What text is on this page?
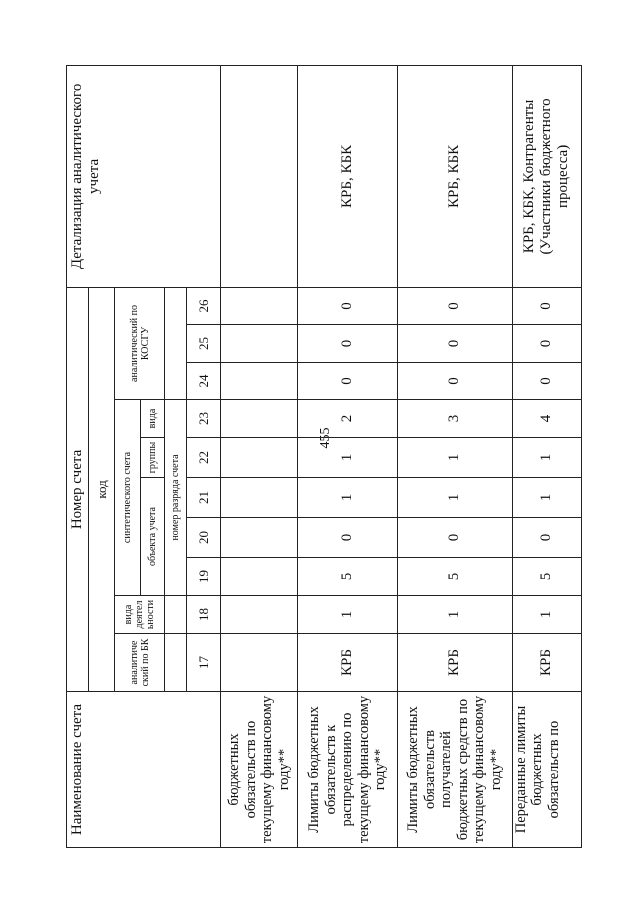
455
Наименование счета	Номер счета										Детализация аналитического учета
	код										
	аналитиче ский по БК	вида деятел ьности	синтетического счета					аналитический по КОСГУ			
			объекта учета			группы	вида				
			номер разряда счета								
	17	18	19	20	21	22	23	24	25	26	
бюджетных обязательств по текущему финансовому году**											
Лимиты бюджетных обязательств к распределению по текущему финансовому году**	КРБ	1	5	0	1	1	2	0	0	0	КРБ, КБК
Лимиты бюджетных обязательств получателей бюджетных средств по текущему финансовому году**	КРБ	1	5	0	1	1	3	0	0	0	КРБ, КБК
Переданные лимиты бюджетных обязательств по	КРБ	1	5	0	1	1	4	0	0	0	КРБ, КБК, Контрагенты (Участники бюджетного процесса)
